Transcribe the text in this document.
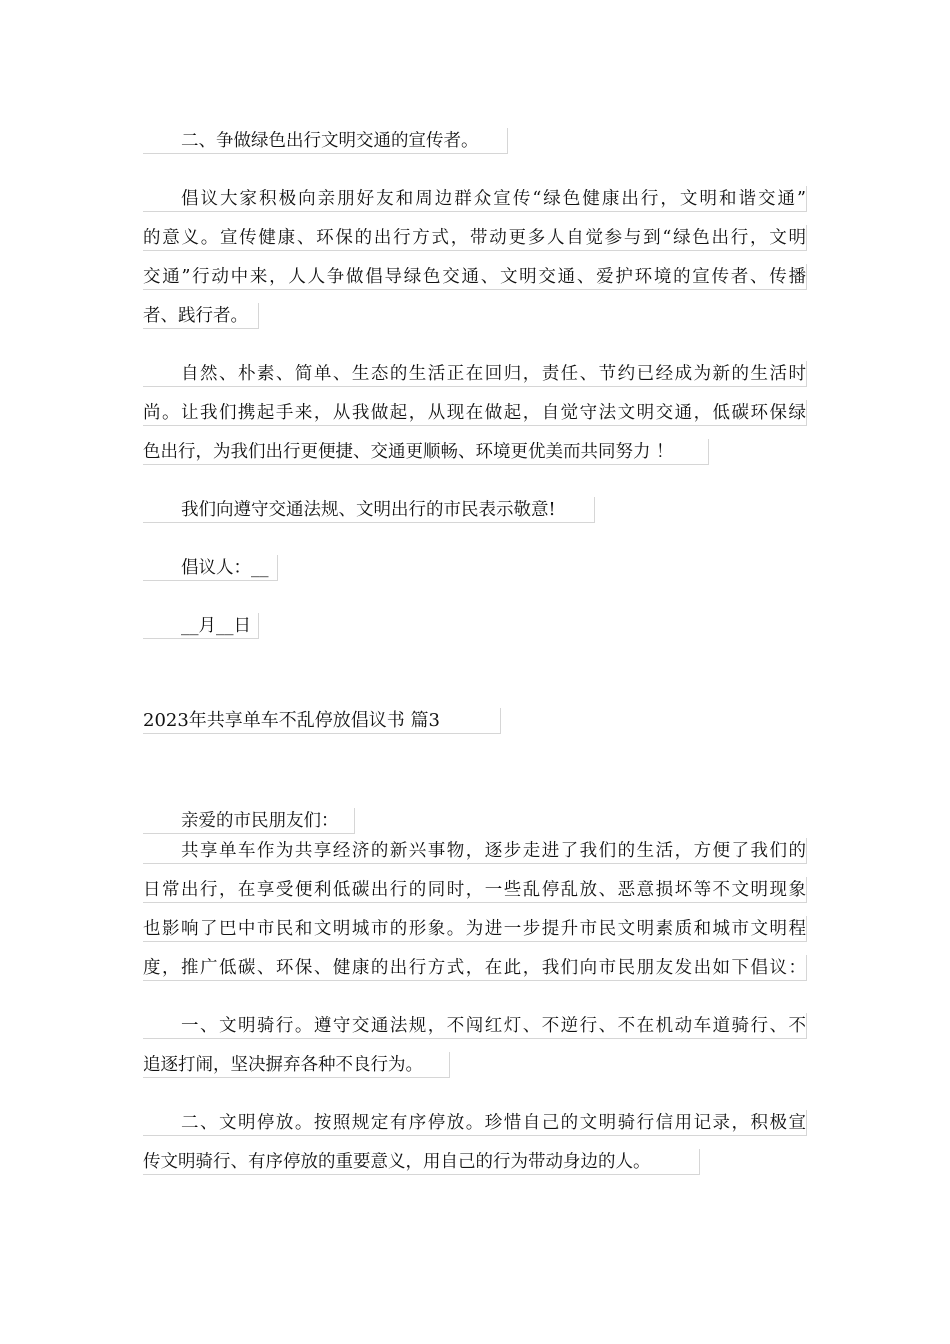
二、争做绿色出行文明交通的宣传者。
倡议大家积极向亲朋好友和周边群众宣传“绿色健康出行，文明和谐交通”
的意义。宣传健康、环保的出行方式，带动更多人自觉参与到“绿色出行，文明
交通”行动中来，人人争做倡导绿色交通、文明交通、爱护环境的宣传者、传播
者、践行者。
自然、朴素、简单、生态的生活正在回归，责任、节约已经成为新的生活时
尚。让我们携起手来，从我做起，从现在做起，自觉守法文明交通，低碳环保绿
色出行，为我们出行更便捷、交通更顺畅、环境更优美而共同努力 ！
我们向遵守交通法规、文明出行的市民表示敬意!
倡议人：__
__月__日
2023年共享单车不乱停放倡议书 篇3
亲爱的市民朋友们：
共享单车作为共享经济的新兴事物，逐步走进了我们的生活，方便了我们的
日常出行，在享受便利低碳出行的同时，一些乱停乱放、恶意损坏等不文明现象
也影响了巴中市民和文明城市的形象。为进一步提升市民文明素质和城市文明程
度，推广低碳、环保、健康的出行方式，在此，我们向市民朋友发出如下倡议：
一、文明骑行。遵守交通法规，不闯红灯、不逆行、不在机动车道骑行、不
追逐打闹，坚决摒弃各种不良行为。
二、文明停放。按照规定有序停放。珍惜自己的文明骑行信用记录，积极宣
传文明骑行、有序停放的重要意义，用自己的行为带动身边的人。
